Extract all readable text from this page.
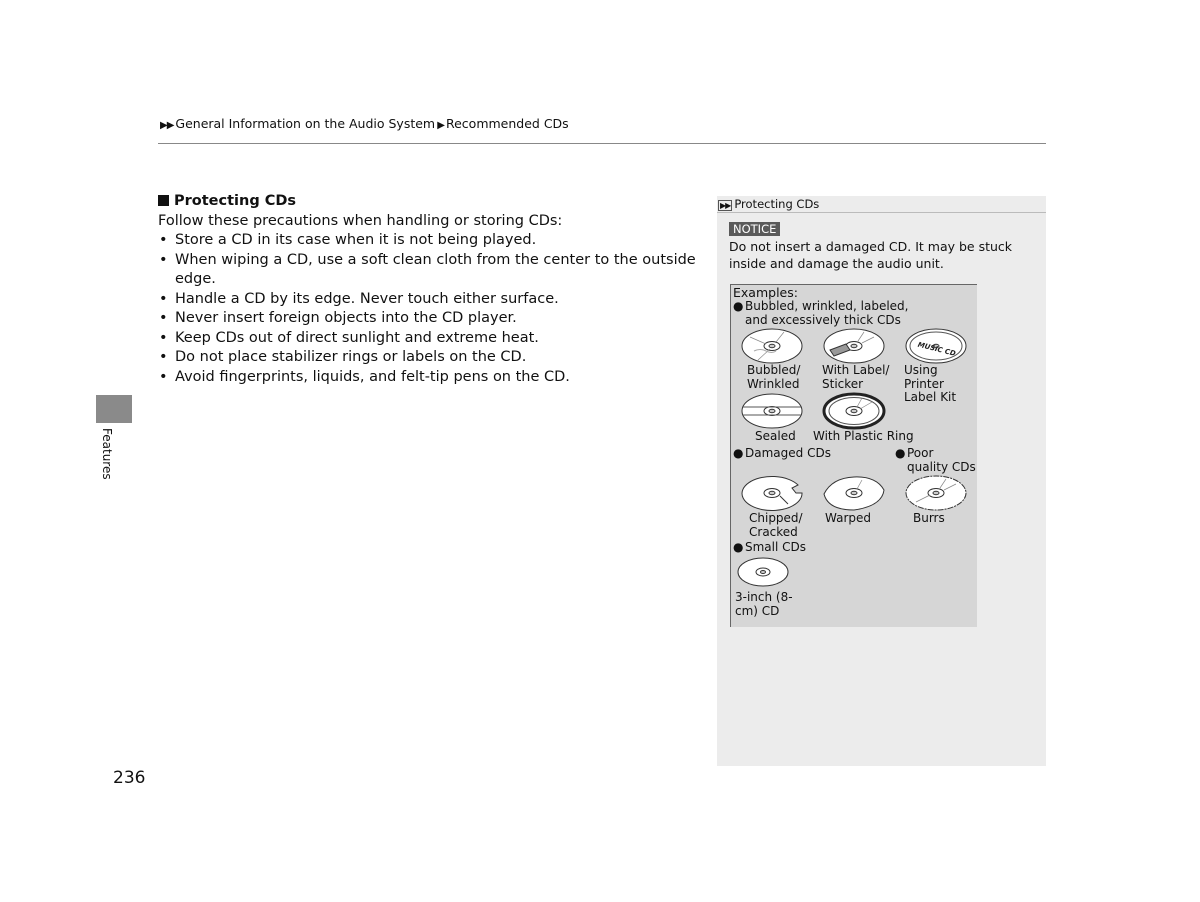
▶▶ General Information on the Audio System ▶ Recommended CDs
Features
236
Protecting CDs

Follow these precautions when handling or storing CDs:

• Store a CD in its case when it is not being played.
• When wiping a CD, use a soft clean cloth from the center to the outside edge.
• Handle a CD by its edge. Never touch either surface.
• Never insert foreign objects into the CD player.
• Keep CDs out of direct sunlight and extreme heat.
• Do not place stabilizer rings or labels on the CD.
• Avoid fingerprints, liquids, and felt-tip pens on the CD.
▶▶ Protecting CDs
NOTICE
Do not insert a damaged CD. It may be stuck inside and damage the audio unit.
Examples:
● Bubbled, wrinkled, labeled, and excessively thick CDs
MUSIC CD
Bubbled/ Wrinkled
With Label/ Sticker
Using Printer Label Kit
Sealed With Plastic Ring
● Damaged CDs	● Poor quality CDs
Chipped/ Cracked
Warped	Burrs
● Small CDs
3-inch (8-cm) CD
